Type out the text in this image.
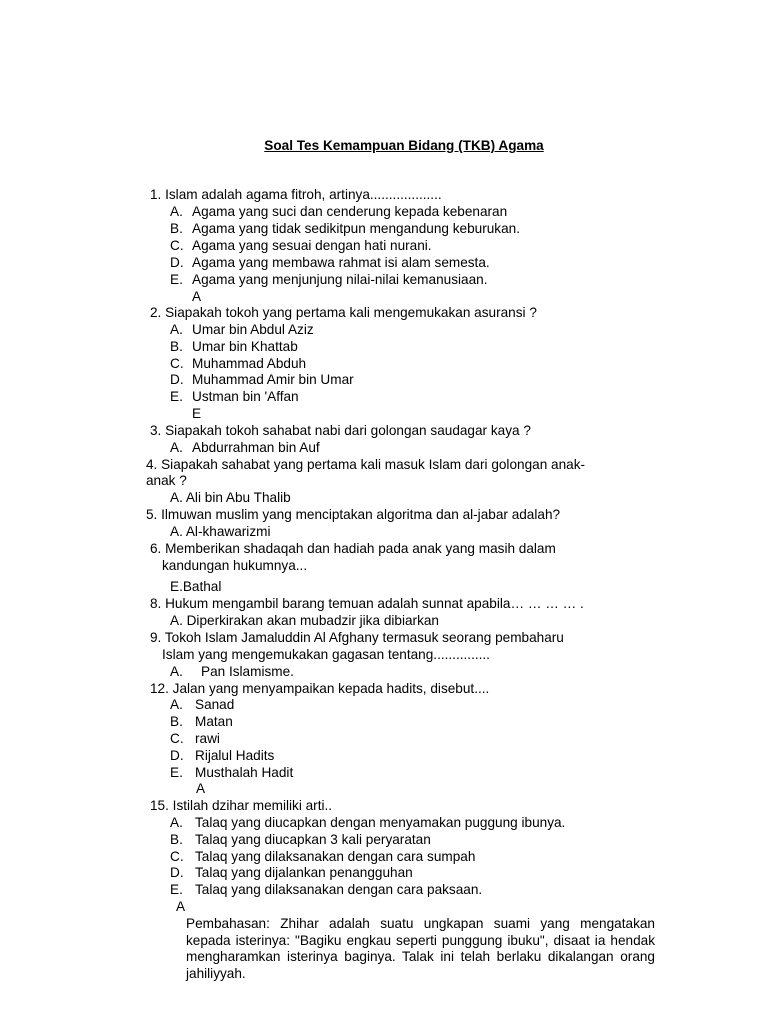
Soal Tes Kemampuan Bidang (TKB) Agama
1. Islam adalah agama fitroh, artinya...................
A. Agama yang suci dan cenderung kepada kebenaran
B. Agama yang tidak sedikitpun mengandung keburukan.
C. Agama yang sesuai dengan hati nurani.
D. Agama yang membawa rahmat isi alam semesta.
E. Agama yang menjunjung nilai-nilai kemanusiaan.
A
2. Siapakah tokoh yang pertama kali mengemukakan asuransi ?
A. Umar bin Abdul Aziz
B. Umar bin Khattab
C. Muhammad Abduh
D. Muhammad Amir bin Umar
E. Ustman bin 'Affan
E
3. Siapakah tokoh sahabat nabi dari golongan saudagar kaya ?
A. Abdurrahman bin Auf
4. Siapakah sahabat yang pertama kali masuk Islam dari golongan anak-
anak ?
A. Ali bin Abu Thalib
5. Ilmuwan muslim yang menciptakan algoritma dan al-jabar adalah?
A. Al-khawarizmi
6. Memberikan shadaqah dan hadiah pada anak yang masih dalam
kandungan hukumnya...
E.Bathal
8. Hukum mengambil barang temuan adalah sunnat apabila… … … … .
A. Diperkirakan akan mubadzir jika dibiarkan
9. Tokoh Islam Jamaluddin Al Afghany termasuk seorang pembaharu
Islam yang mengemukakan gagasan tentang...............
A. Pan Islamisme.
12. Jalan yang menyampaikan kepada hadits, disebut....
A. Sanad
B. Matan
C. rawi
D. Rijalul Hadits
E. Musthalah Hadit
A
15. Istilah dzihar memiliki arti..
A. Talaq yang diucapkan dengan menyamakan puggung ibunya.
B. Talaq yang diucapkan 3 kali peryaratan
C. Talaq yang dilaksanakan dengan cara sumpah
D. Talaq yang dijalankan penangguhan
E. Talaq yang dilaksanakan dengan cara paksaan.
A
Pembahasan: Zhihar adalah suatu ungkapan suami yang mengatakan kepada isterinya: "Bagiku engkau seperti punggung ibuku", disaat ia hendak mengharamkan isterinya baginya. Talak ini telah berlaku dikalangan orang jahiliyyah.
